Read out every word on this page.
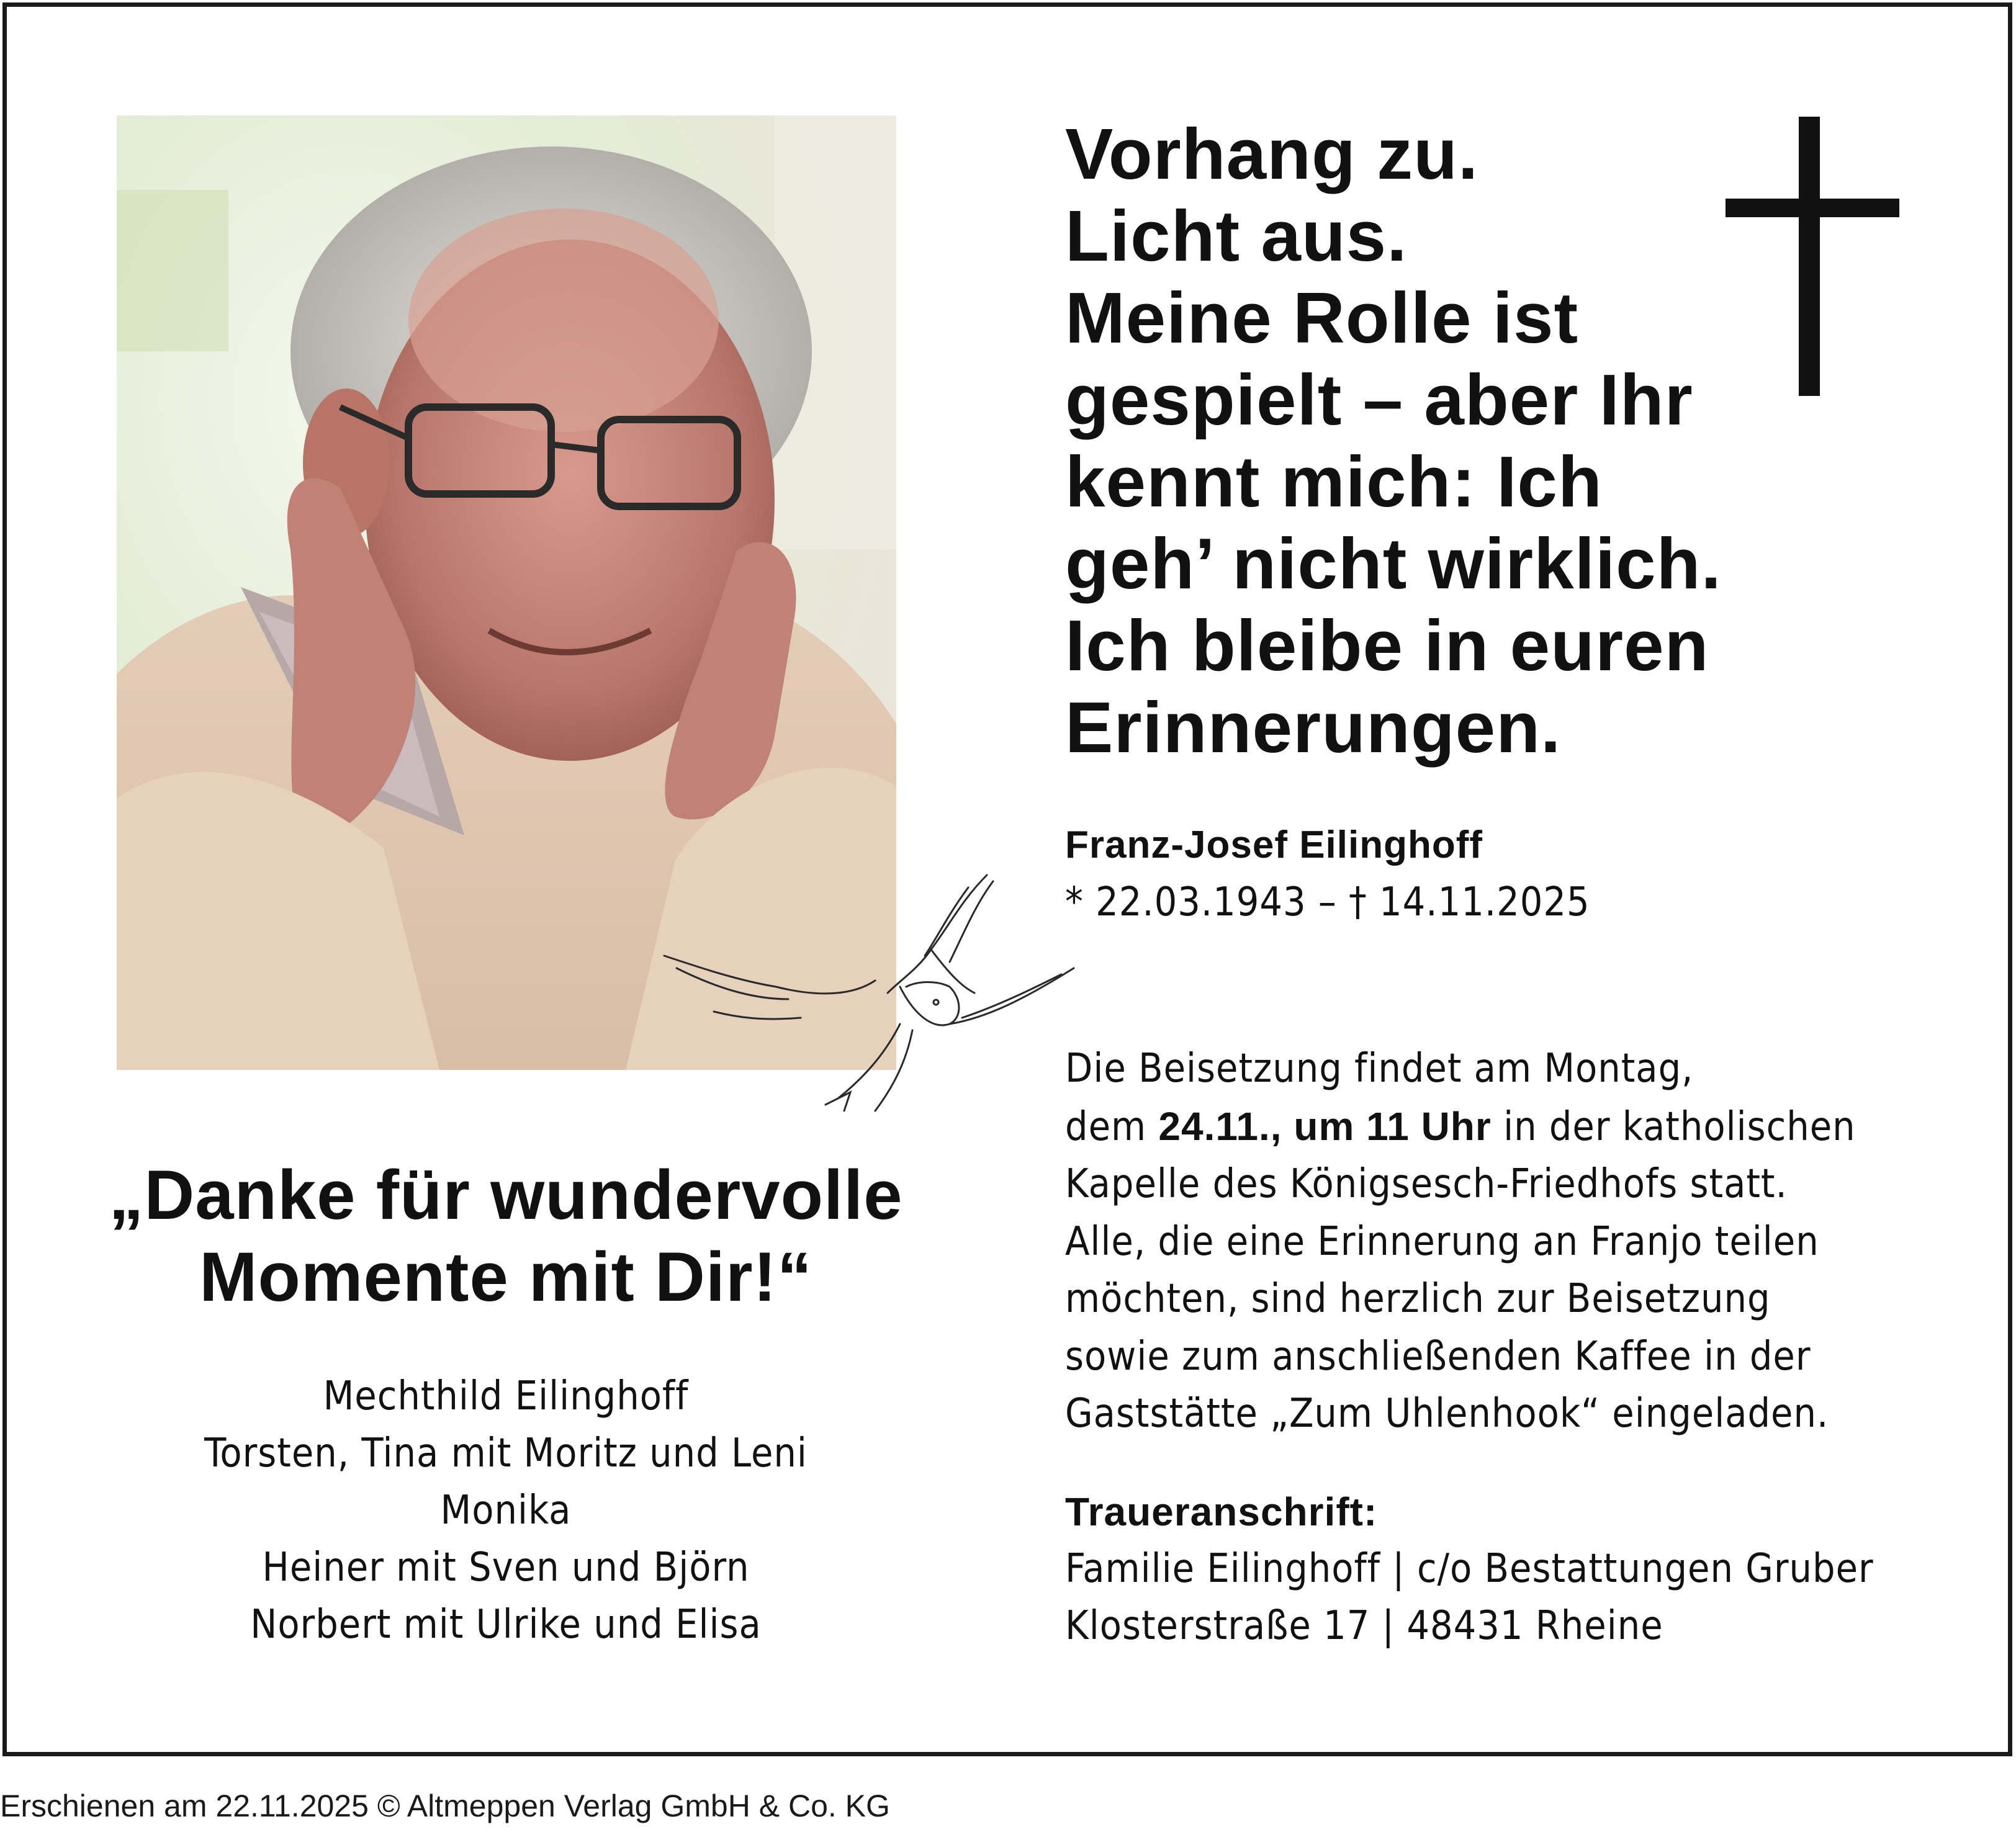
Vorhang zu.
Licht aus.
Meine Rolle ist
gespielt – aber Ihr
kennt mich: Ich
geh’ nicht wirklich.
Ich bleibe in euren
Erinnerungen.
Franz-Josef Eilinghoff
* 22.03.1943 – † 14.11.2025
Die Beisetzung findet am Montag,
dem 24.11., um 11 Uhr in der katholischen
Kapelle des Königsesch-Friedhofs statt.
Alle, die eine Erinnerung an Franjo teilen
möchten, sind herzlich zur Beisetzung
sowie zum anschließenden Kaffee in der
Gaststätte „Zum Uhlenhook“ eingeladen.
Traueranschrift:
Familie Eilinghoff | c/o Bestattungen Gruber
Klosterstraße 17 | 48431 Rheine
„Danke für wundervolle
Momente mit Dir!“
Mechthild Eilinghoff
Torsten, Tina mit Moritz und Leni
Monika
Heiner mit Sven und Björn
Norbert mit Ulrike und Elisa
Erschienen am 22.11.2025 © Altmeppen Verlag GmbH & Co. KG
